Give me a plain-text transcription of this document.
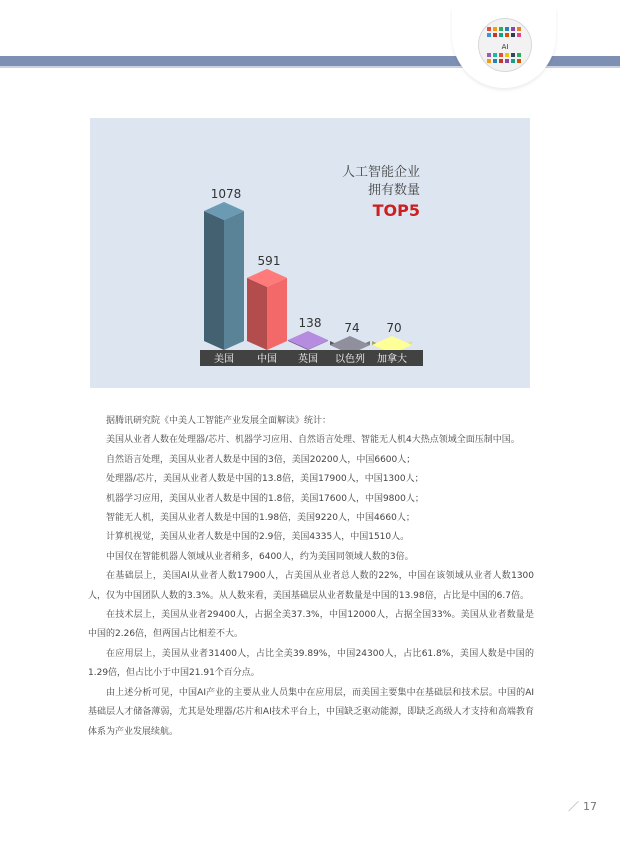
AI
1078
美国
591
中国
138
英国
74
以色列
70
加拿大
人工智能企业
拥有数量
TOP5

据腾讯研究院《中美人工智能产业发展全面解读》统计：

美国从业者人数在处理器/芯片、机器学习应用、自然语言处理、智能无人机4大热点领域全面压制中国。

自然语言处理，美国从业者人数是中国的3倍，美国20200人，中国6600人；

处理器/芯片，美国从业者人数是中国的13.8倍，美国17900人，中国1300人；

机器学习应用，美国从业者人数是中国的1.8倍，美国17600人，中国9800人；

智能无人机，美国从业者人数是中国的1.98倍，美国9220人，中国4660人；

计算机视觉，美国从业者人数是中国的2.9倍，美国4335人，中国1510人。

中国仅在智能机器人领域从业者稍多，6400人，约为美国同领域人数的3倍。

在基础层上，美国AI从业者人数17900人，占美国从业者总人数的22%，中国在该领域从业者人数1300人，仅为中国团队人数的3.3%。从人数来看，美国基础层从业者数量是中国的13.98倍，占比是中国的6.7倍。

在技术层上，美国从业者29400人，占据全美37.3%，中国12000人，占据全国33%。美国从业者数量是中国的2.26倍，但两国占比相差不大。

在应用层上，美国从业者31400人，占比全美39.89%，中国24300人，占比61.8%，美国人数是中国的1.29倍，但占比小于中国21.91个百分点。

由上述分析可见，中国AI产业的主要从业人员集中在应用层，而美国主要集中在基础层和技术层。中国的AI基础层人才储备薄弱，尤其是处理器/芯片和AI技术平台上，中国缺乏驱动能源，即缺乏高级人才支持和高端教育体系为产业发展续航。

／ 17
